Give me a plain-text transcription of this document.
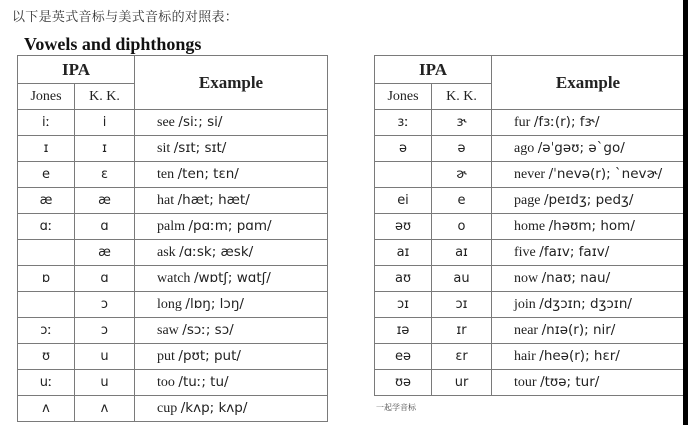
以下是英式音标与美式音标的对照表：
Vowels and diphthongs
IPA		Example
Jones	K. K.	
iː	i	see /siː; si/
ɪ	ɪ	sit /sɪt; sɪt/
e	ɛ	ten /ten; tɛn/
æ	æ	hat /hæt; hæt/
ɑː	ɑ	palm /pɑːm; pɑm/
	æ	ask /ɑːsk; æsk/
ɒ	ɑ	watch /wɒtʃ; wɑtʃ/
	ɔ	long /lɒŋ; lɔŋ/
ɔː	ɔ	saw /sɔː; sɔ/
ʊ	u	put /pʊt; put/
uː	u	too /tuː; tu/
ʌ	ʌ	cup /kʌp; kʌp/
IPA		Example
Jones	K. K.	
ɜː	ɝ	fur /fɜː(r); fɝ/
ə	ə	ago /əˈgəʊ; əˋgo/
	ɚ	never /ˈnevə(r); ˋnevɚ/
ei	e	page /peɪdʒ; pedʒ/
əʊ	o	home /həʊm; hom/
aɪ	aɪ	five /faɪv; faɪv/
aʊ	au	now /naʊ; nau/
ɔɪ	ɔɪ	join /dʒɔɪn; dʒɔɪn/
ɪə	ɪr	near /nɪə(r); nir/
eə	ɛr	hair /heə(r); hɛr/
ʊə	ur	tour /tʊə; tur/
一起学音标
